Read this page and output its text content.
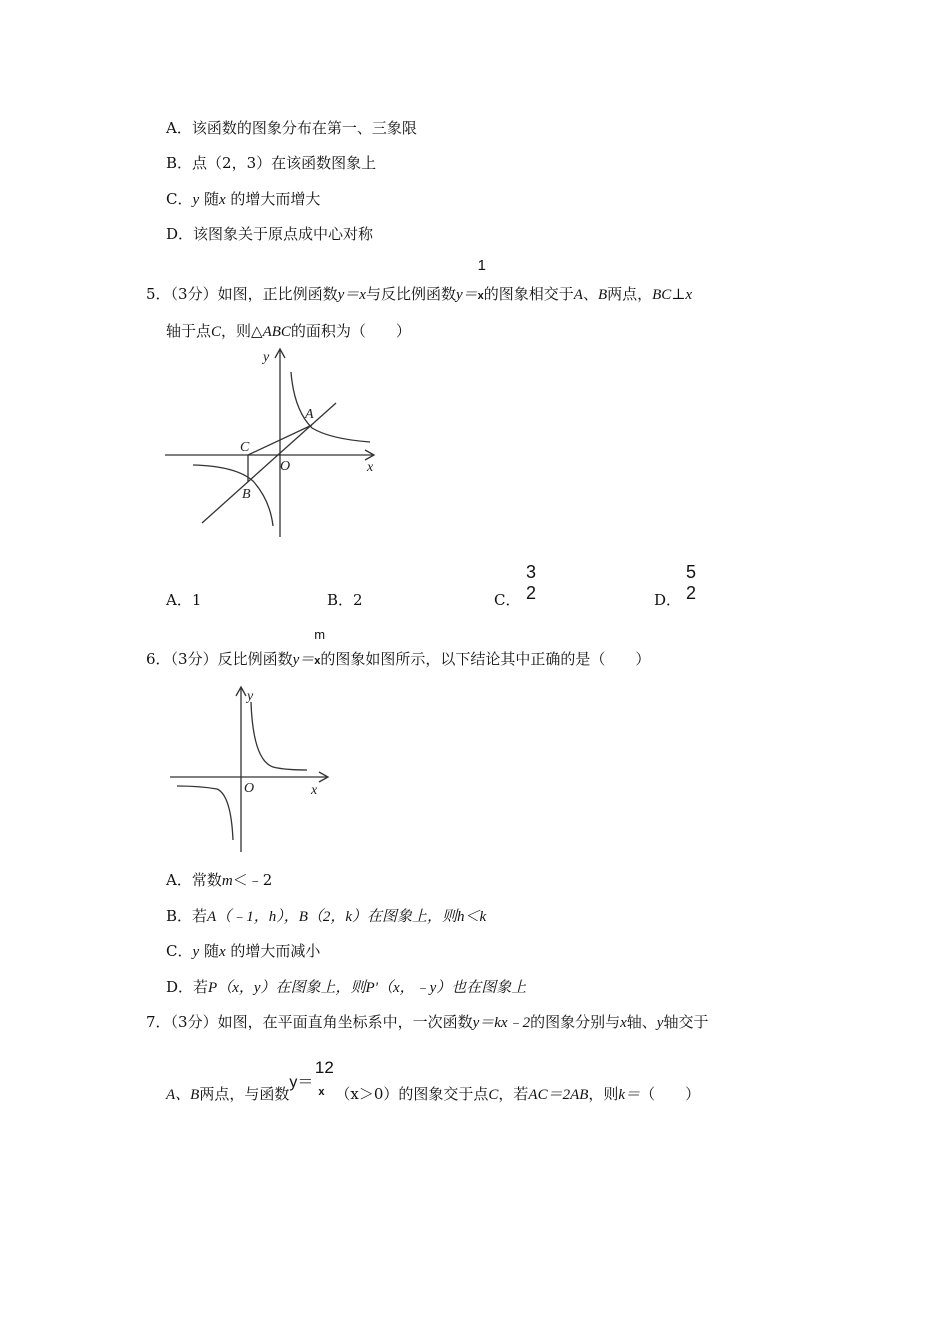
A．该函数的图象分布在第一、三象限
B．点（2，3）在该函数图象上
C．y 随x 的增大而增大
D．该图象关于原点成中心对称
5．（3分）如图，正比例函数y＝x与反比例函数y＝
1
x的图象相交于A、B两点，BC⊥x
轴于点C，则△ABC的面积为（　　）
y
x
O
A
B
C
A．1	B．2	C．
3
2	D．
5
2
6．（3分）反比例函数y＝
m
x的图象如图所示，以下结论其中正确的是（　　）
y
x
O
A．常数m＜﹣2
B．若A（﹣1，h），B（2，k）在图象上，则h＜k
C．y 随x 的增大而减小
D．若P（x，y）在图象上，则P′（x，﹣y）也在图象上
7．（3分）如图，在平面直角坐标系中，一次函数y＝kx﹣2的图象分别与x轴、y轴交于
A、B两点，与函数y＝
12
$^x$ （x＞0）的图象交于点C，若AC＝2AB，则k＝（　　）
